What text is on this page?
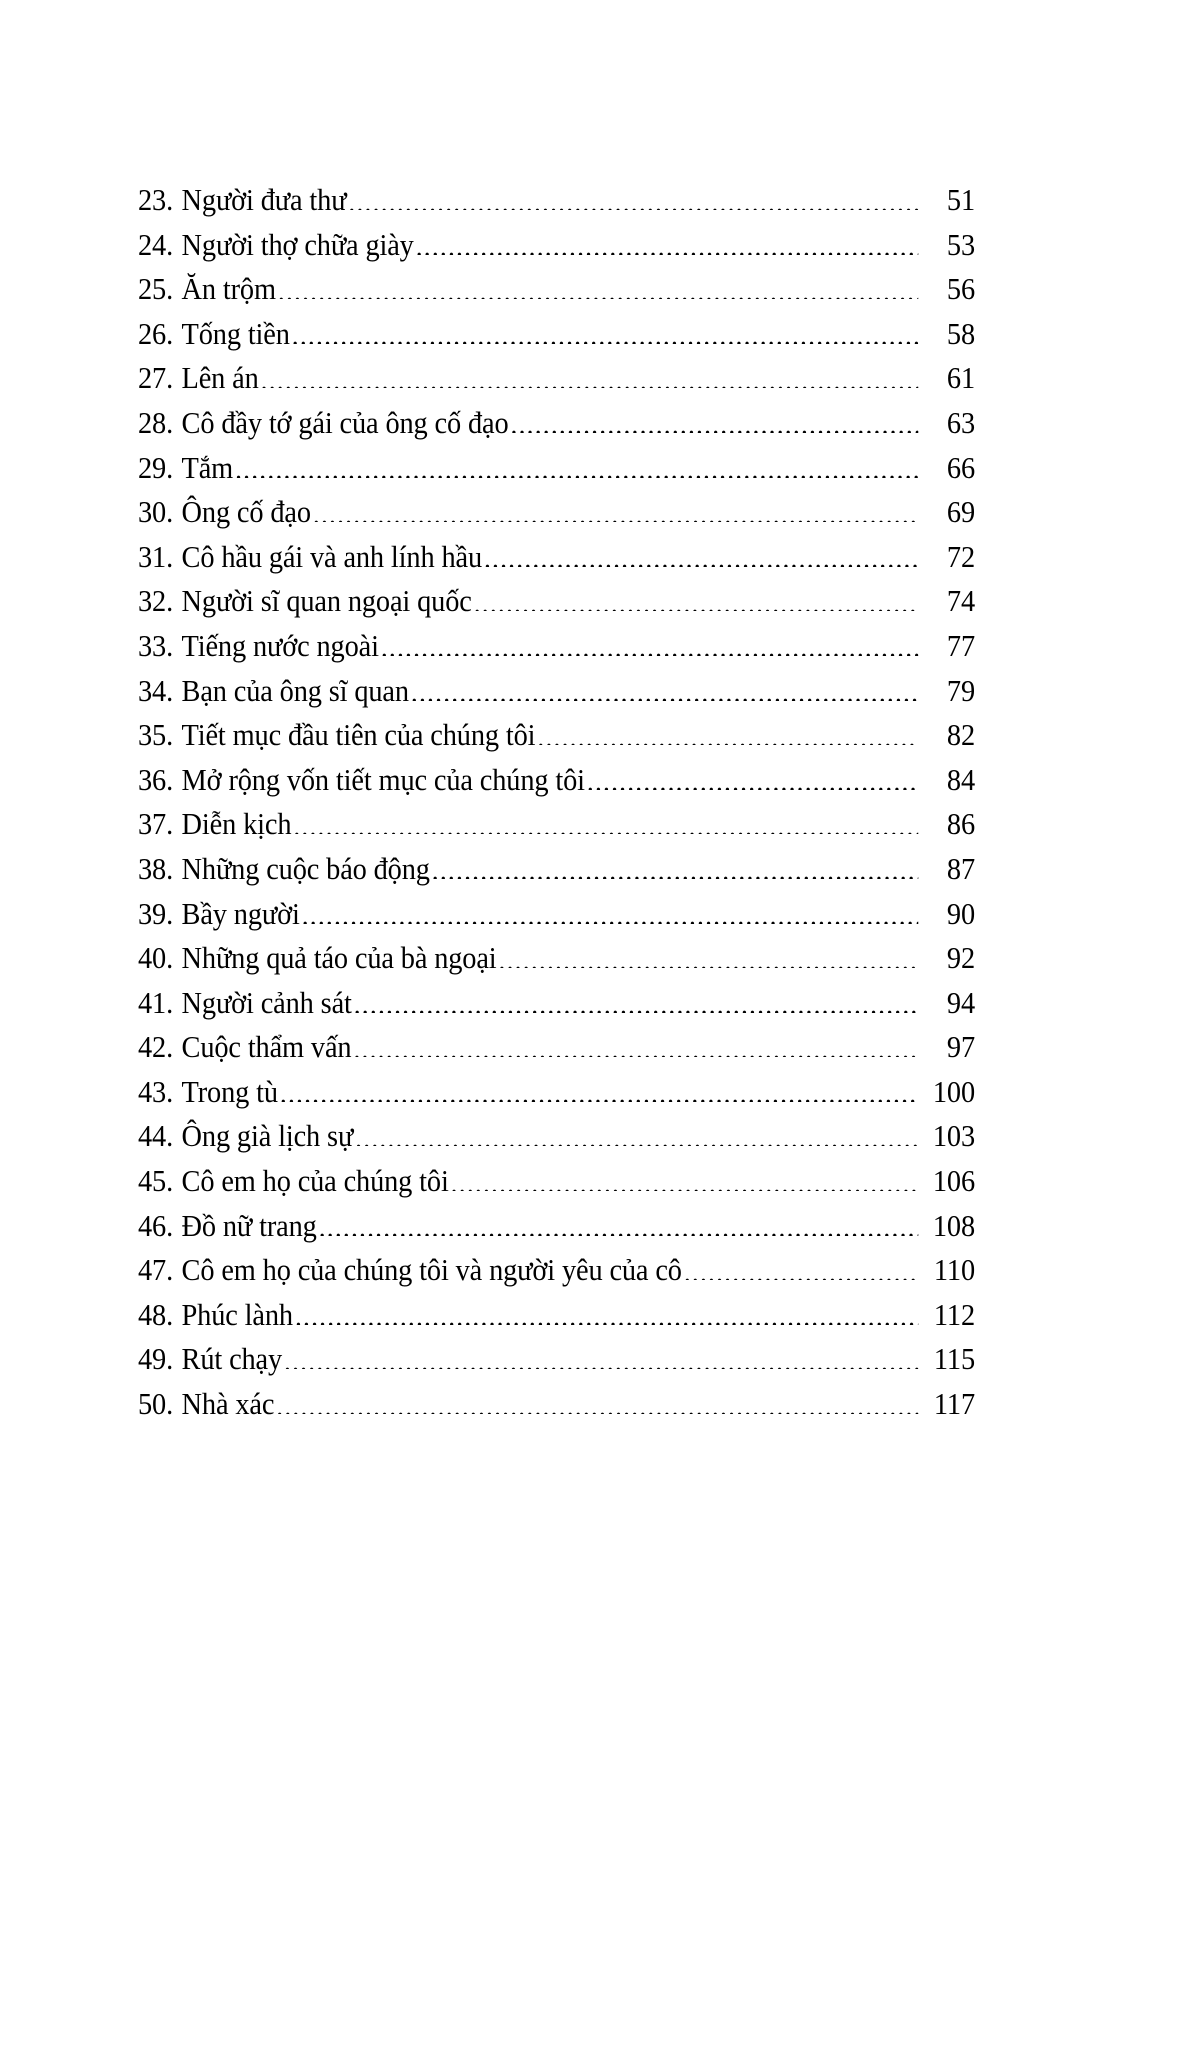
23. Người đưa thư .....	51
24. Người thợ chữa giày .....	53
25. Ăn trộm .....	56
26. Tống tiền .....	58
27. Lên án .....	61
28. Cô đầy tớ gái của ông cố đạo .....	63
29. Tắm .....	66
30. Ông cố đạo .....	69
31. Cô hầu gái và anh lính hầu .....	72
32. Người sĩ quan ngoại quốc .....	74
33. Tiếng nước ngoài .....	77
34. Bạn của ông sĩ quan .....	79
35. Tiết mục đầu tiên của chúng tôi .....	82
36. Mở rộng vốn tiết mục của chúng tôi .....	84
37. Diễn kịch .....	86
38. Những cuộc báo động .....	87
39. Bầy người .....	90
40. Những quả táo của bà ngoại .....	92
41. Người cảnh sát .....	94
42. Cuộc thẩm vấn .....	97
43. Trong tù .....	100
44. Ông già lịch sự .....	103
45. Cô em họ của chúng tôi .....	106
46. Đồ nữ trang .....	108
47. Cô em họ của chúng tôi và người yêu của cô .....	110
48. Phúc lành .....	112
49. Rút chạy .....	115
50. Nhà xác .....	117
